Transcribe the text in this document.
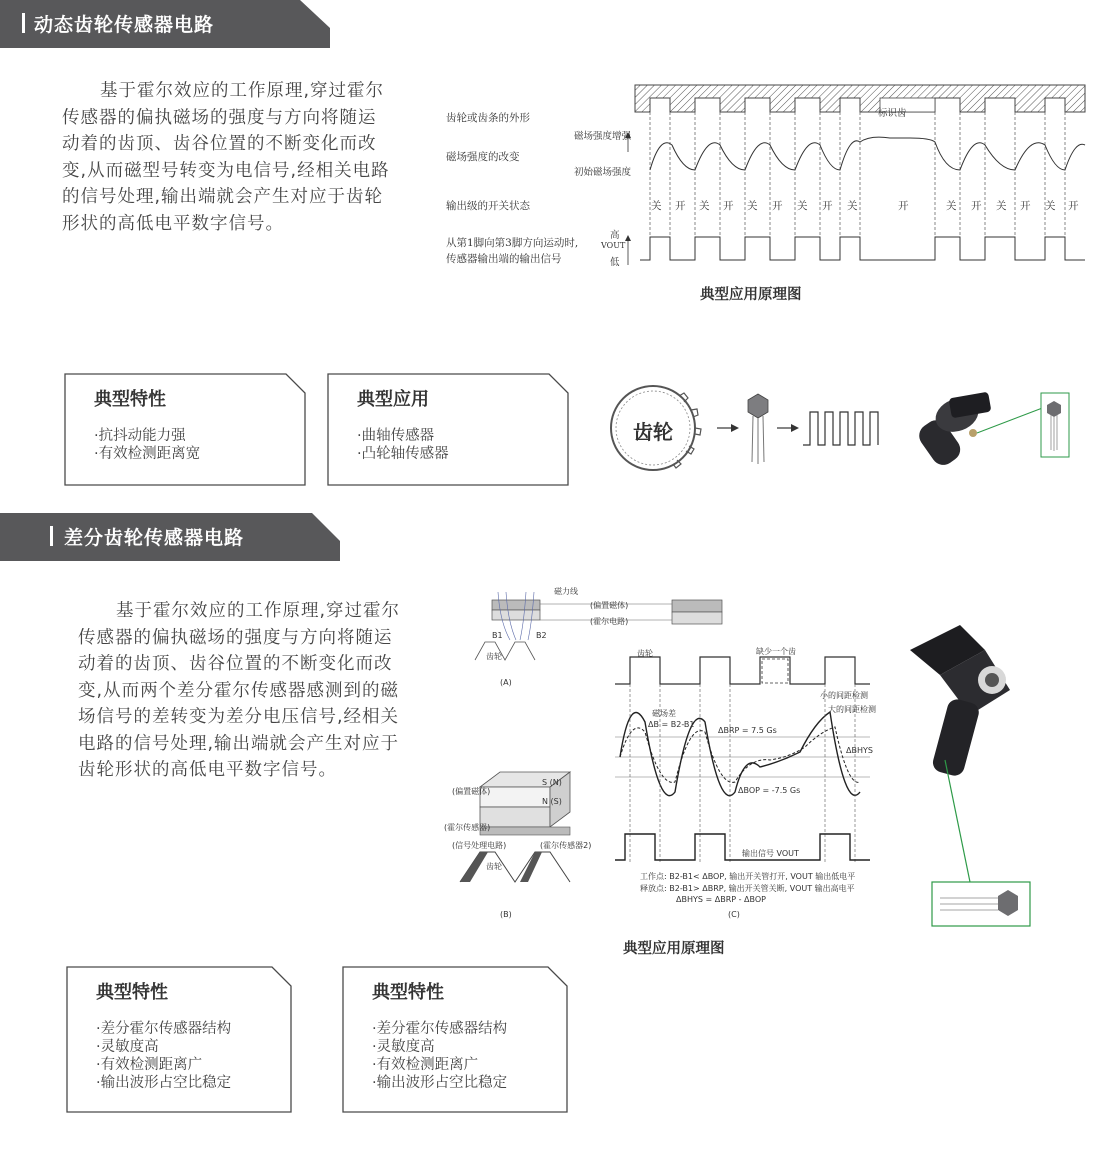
动态齿轮传感器电路
基于霍尔效应的工作原理,穿过霍尔传感器的偏执磁场的强度与方向将随运动着的齿顶、齿谷位置的不断变化而改变,从而磁型号转变为电信号,经相关电路的信号处理,输出端就会产生对应于齿轮形状的高低电平数字信号。
齿轮或齿条的外形
磁场强度的改变
输出级的开关状态
从第1脚向第3脚方向运动时,
传感器输出端的输出信号
标识齿
磁场强度增强
初始磁场强度
高
VOUT
低
关 开 关 开 关 开 关 开 关	开	关 开 关 开 关 开
典型应用原理图
典型特性
·抗抖动能力强
·有效检测距离宽
典型应用
·曲轴传感器
·凸轮轴传感器
齿轮
差分齿轮传感器电路
基于霍尔效应的工作原理,穿过霍尔传感器的偏执磁场的强度与方向将随运动着的齿顶、齿谷位置的不断变化而改变,从而两个差分霍尔传感器感测到的磁场信号的差转变为差分电压信号,经相关电路的信号处理,输出端就会产生对应于齿轮形状的高低电平数字信号。
磁力线
(偏置磁体)
(霍尔电路)
B1	B2
齿轮
(A)
齿轮	缺少一个齿
小的间距检测
大的间距检测
磁场差
ΔB = B2-B1
ΔBRP = 7.5 Gs
ΔBHYS
ΔBOP = -7.5 Gs
S (N)
N (S)
(偏置磁体)
(霍尔传感器)
(信号处理电路)	(霍尔传感器2)
齿轮
(B)
输出信号 VOUT
工作点: B2-B1< ΔBOP, 输出开关管打开, VOUT 输出低电平
释放点: B2-B1> ΔBRP, 输出开关管关断, VOUT 输出高电平
ΔBHYS = ΔBRP - ΔBOP
(C)
典型应用原理图
典型特性
·差分霍尔传感器结构
·灵敏度高
·有效检测距离广
·输出波形占空比稳定
典型特性
·差分霍尔传感器结构
·灵敏度高
·有效检测距离广
·输出波形占空比稳定
